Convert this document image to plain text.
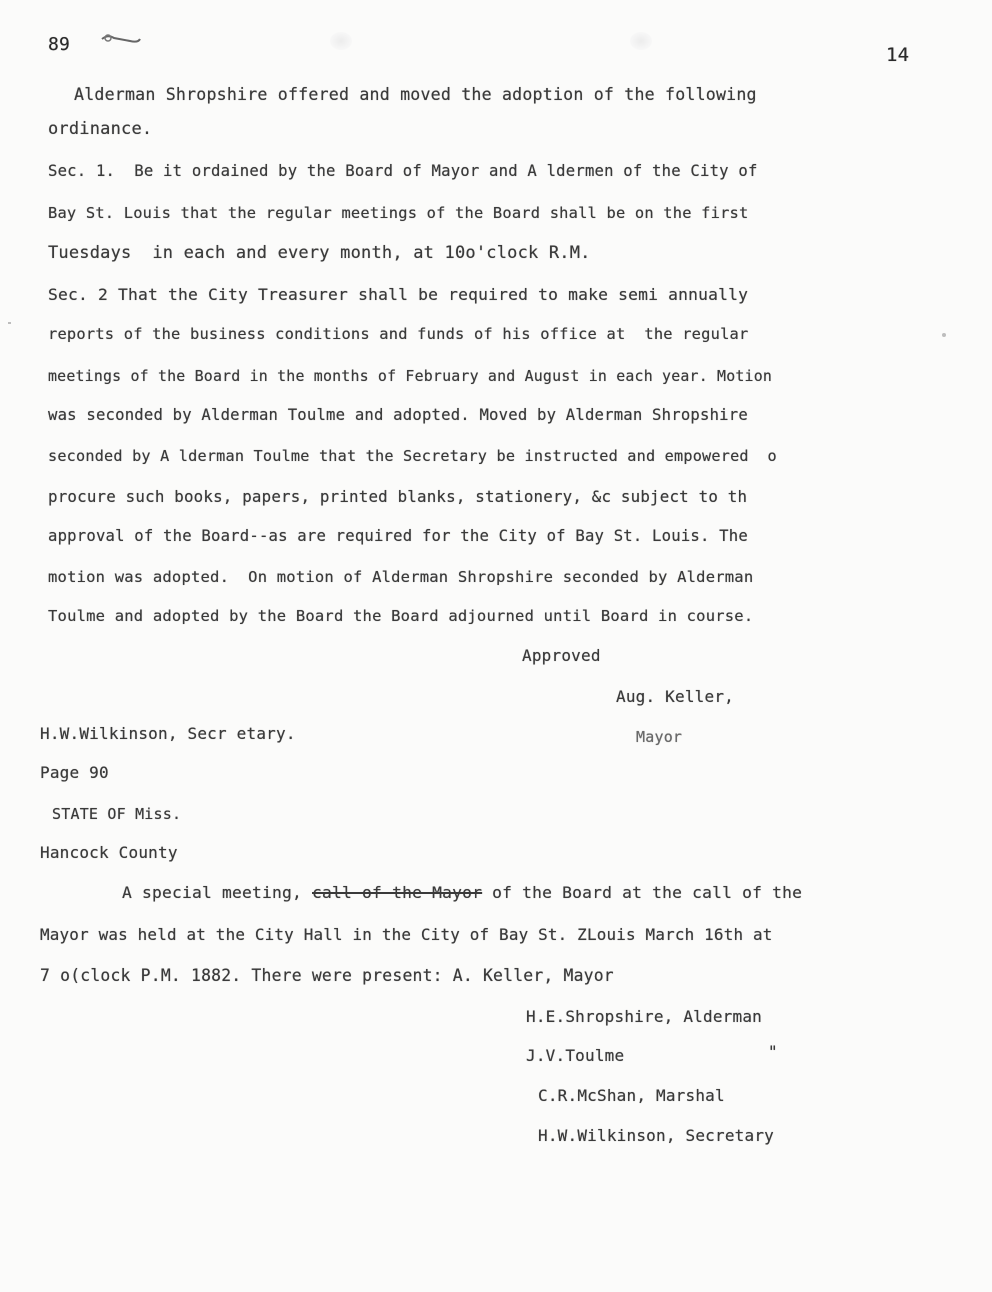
89	14
Alderman Shropshire offered and moved the adoption of the following
ordinance.
Sec. 1.  Be it ordained by the Board of Mayor and A ldermen of the City of
Bay St. Louis that the regular meetings of the Board shall be on the first
Tuesdays  in each and every month, at 10o'clock R.M.
Sec. 2 That the City Treasurer shall be required to make semi annually
reports of the business conditions and funds of his office at  the regular
meetings of the Board in the months of February and August in each year. Motion
was seconded by Alderman Toulme and adopted. Moved by Alderman Shropshire
seconded by A lderman Toulme that the Secretary be instructed and empowered  o
procure such books, papers, printed blanks, stationery, &c subject to th
approval of the Board--as are required for the City of Bay St. Louis. The
motion was adopted.  On motion of Alderman Shropshire seconded by Alderman
Toulme and adopted by the Board the Board adjourned until Board in course.
Approved
Aug. Keller,
Mayor
H.W.Wilkinson, Secr etary.
Page 90
STATE OF Miss.
Hancock County
A special meeting, call of the Mayor of the Board at the call of the
Mayor was held at the City Hall in the City of Bay St. ZLouis March 16th at
7 o(clock P.M. 1882. There were present: A. Keller, Mayor
H.E.Shropshire, Alderman
J.V.Toulme	"
C.R.McShan, Marshal
H.W.Wilkinson, Secretary
